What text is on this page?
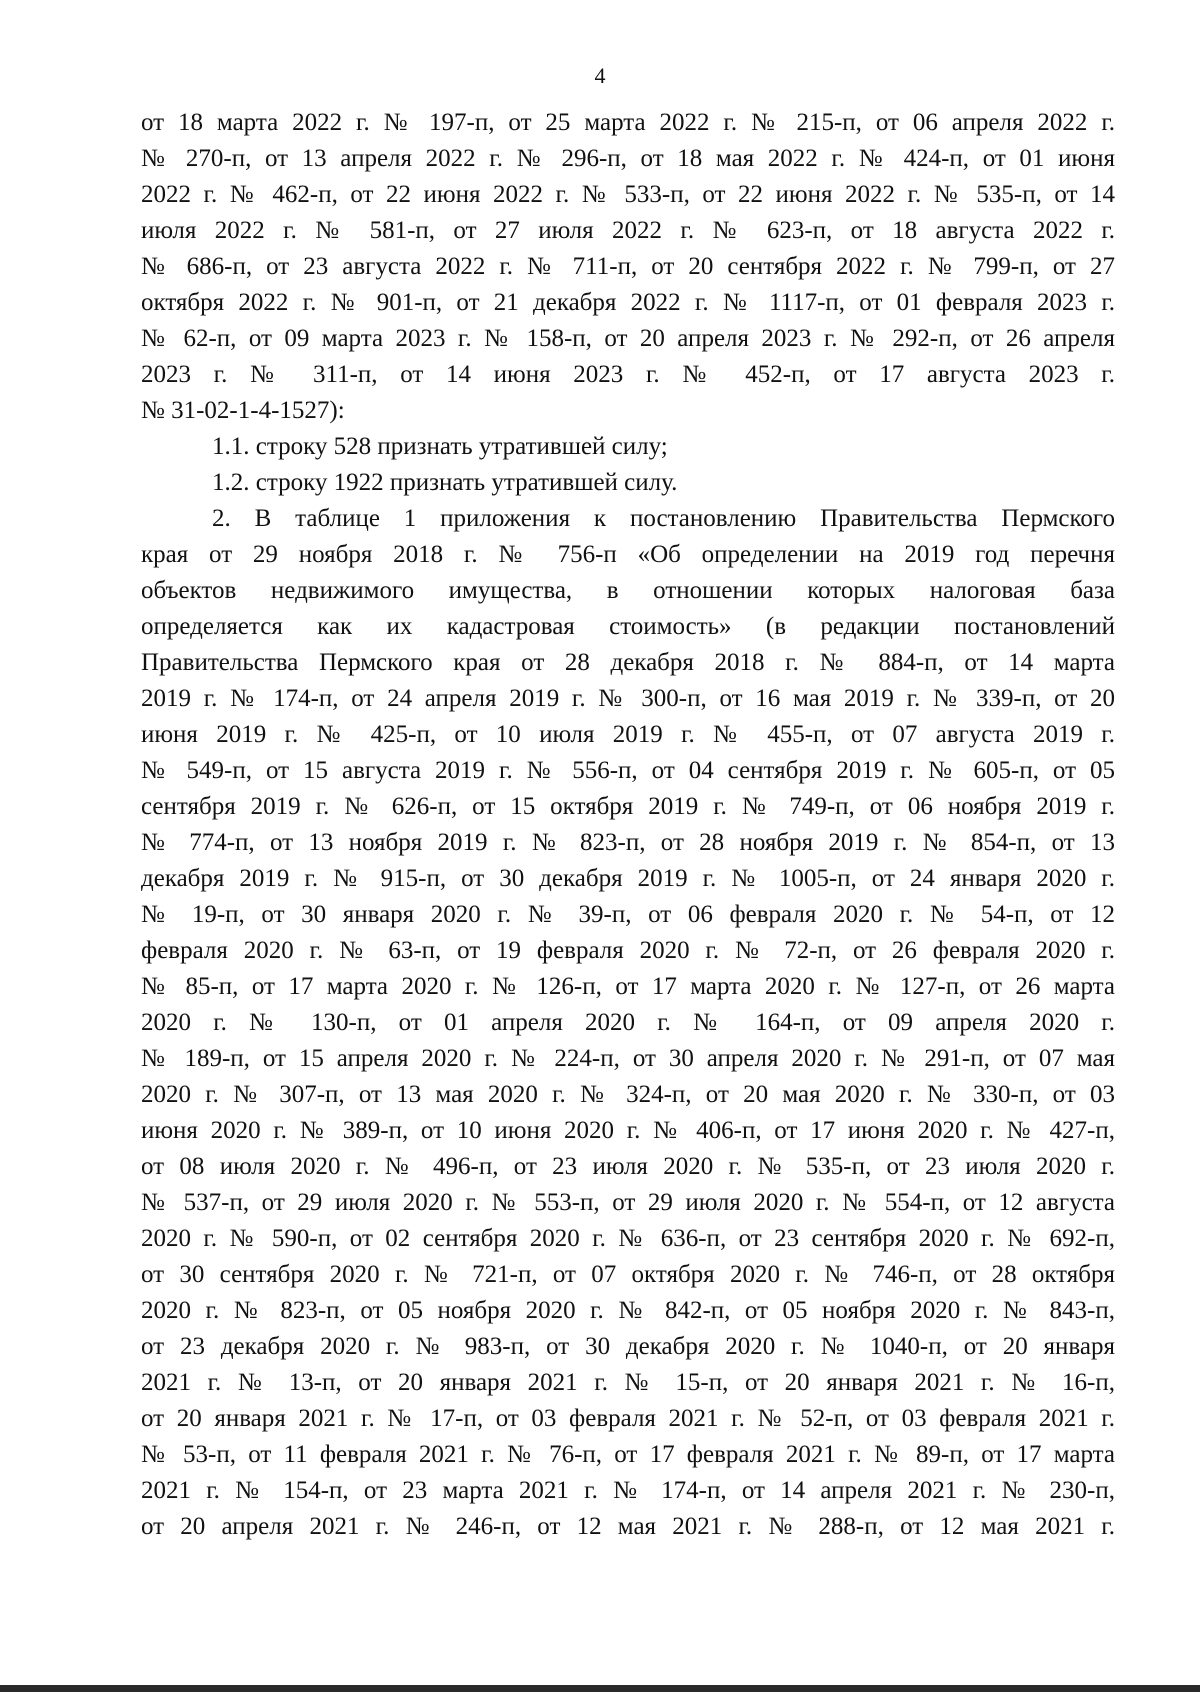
4
от 18 марта 2022 г. № 197-п, от 25 марта 2022 г. № 215-п, от 06 апреля 2022 г.
№ 270-п, от 13 апреля 2022 г. № 296-п, от 18 мая 2022 г. № 424-п, от 01 июня
2022 г. № 462-п, от 22 июня 2022 г. № 533-п, от 22 июня 2022 г. № 535-п, от 14
июля 2022 г. № 581-п, от 27 июля 2022 г. № 623-п, от 18 августа 2022 г.
№ 686-п, от 23 августа 2022 г. № 711-п, от 20 сентября 2022 г. № 799-п, от 27
октября 2022 г. № 901-п, от 21 декабря 2022 г. № 1117-п, от 01 февраля 2023 г.
№ 62-п, от 09 марта 2023 г. № 158-п, от 20 апреля 2023 г. № 292-п, от 26 апреля
2023 г. № 311-п, от 14 июня 2023 г. № 452-п, от 17 августа 2023 г.
№ 31-02-1-4-1527):
1.1. строку 528 признать утратившей силу;
1.2. строку 1922 признать утратившей силу.
2. В таблице 1 приложения к постановлению Правительства Пермского
края от 29 ноября 2018 г. № 756-п «Об определении на 2019 год перечня
объектов недвижимого имущества, в отношении которых налоговая база
определяется как их кадастровая стоимость» (в редакции постановлений
Правительства Пермского края от 28 декабря 2018 г. № 884-п, от 14 марта
2019 г. № 174-п, от 24 апреля 2019 г. № 300-п, от 16 мая 2019 г. № 339-п, от 20
июня 2019 г. № 425-п, от 10 июля 2019 г. № 455-п, от 07 августа 2019 г.
№ 549-п, от 15 августа 2019 г. № 556-п, от 04 сентября 2019 г. № 605-п, от 05
сентября 2019 г. № 626-п, от 15 октября 2019 г. № 749-п, от 06 ноября 2019 г.
№ 774-п, от 13 ноября 2019 г. № 823-п, от 28 ноября 2019 г. № 854-п, от 13
декабря 2019 г. № 915-п, от 30 декабря 2019 г. № 1005-п, от 24 января 2020 г.
№ 19-п, от 30 января 2020 г. № 39-п, от 06 февраля 2020 г. № 54-п, от 12
февраля 2020 г. № 63-п, от 19 февраля 2020 г. № 72-п, от 26 февраля 2020 г.
№ 85-п, от 17 марта 2020 г. № 126-п, от 17 марта 2020 г. № 127-п, от 26 марта
2020 г. № 130-п, от 01 апреля 2020 г. № 164-п, от 09 апреля 2020 г.
№ 189-п, от 15 апреля 2020 г. № 224-п, от 30 апреля 2020 г. № 291-п, от 07 мая
2020 г. № 307-п, от 13 мая 2020 г. № 324-п, от 20 мая 2020 г. № 330-п, от 03
июня 2020 г. № 389-п, от 10 июня 2020 г. № 406-п, от 17 июня 2020 г. № 427-п,
от 08 июля 2020 г. № 496-п, от 23 июля 2020 г. № 535-п, от 23 июля 2020 г.
№ 537-п, от 29 июля 2020 г. № 553-п, от 29 июля 2020 г. № 554-п, от 12 августа
2020 г. № 590-п, от 02 сентября 2020 г. № 636-п, от 23 сентября 2020 г. № 692-п,
от 30 сентября 2020 г. № 721-п, от 07 октября 2020 г. № 746-п, от 28 октября
2020 г. № 823-п, от 05 ноября 2020 г. № 842-п, от 05 ноября 2020 г. № 843-п,
от 23 декабря 2020 г. № 983-п, от 30 декабря 2020 г. № 1040-п, от 20 января
2021 г. № 13-п, от 20 января 2021 г. № 15-п, от 20 января 2021 г. № 16-п,
от 20 января 2021 г. № 17-п, от 03 февраля 2021 г. № 52-п, от 03 февраля 2021 г.
№ 53-п, от 11 февраля 2021 г. № 76-п, от 17 февраля 2021 г. № 89-п, от 17 марта
2021 г. № 154-п, от 23 марта 2021 г. № 174-п, от 14 апреля 2021 г. № 230-п,
от 20 апреля 2021 г. № 246-п, от 12 мая 2021 г. № 288-п, от 12 мая 2021 г.
